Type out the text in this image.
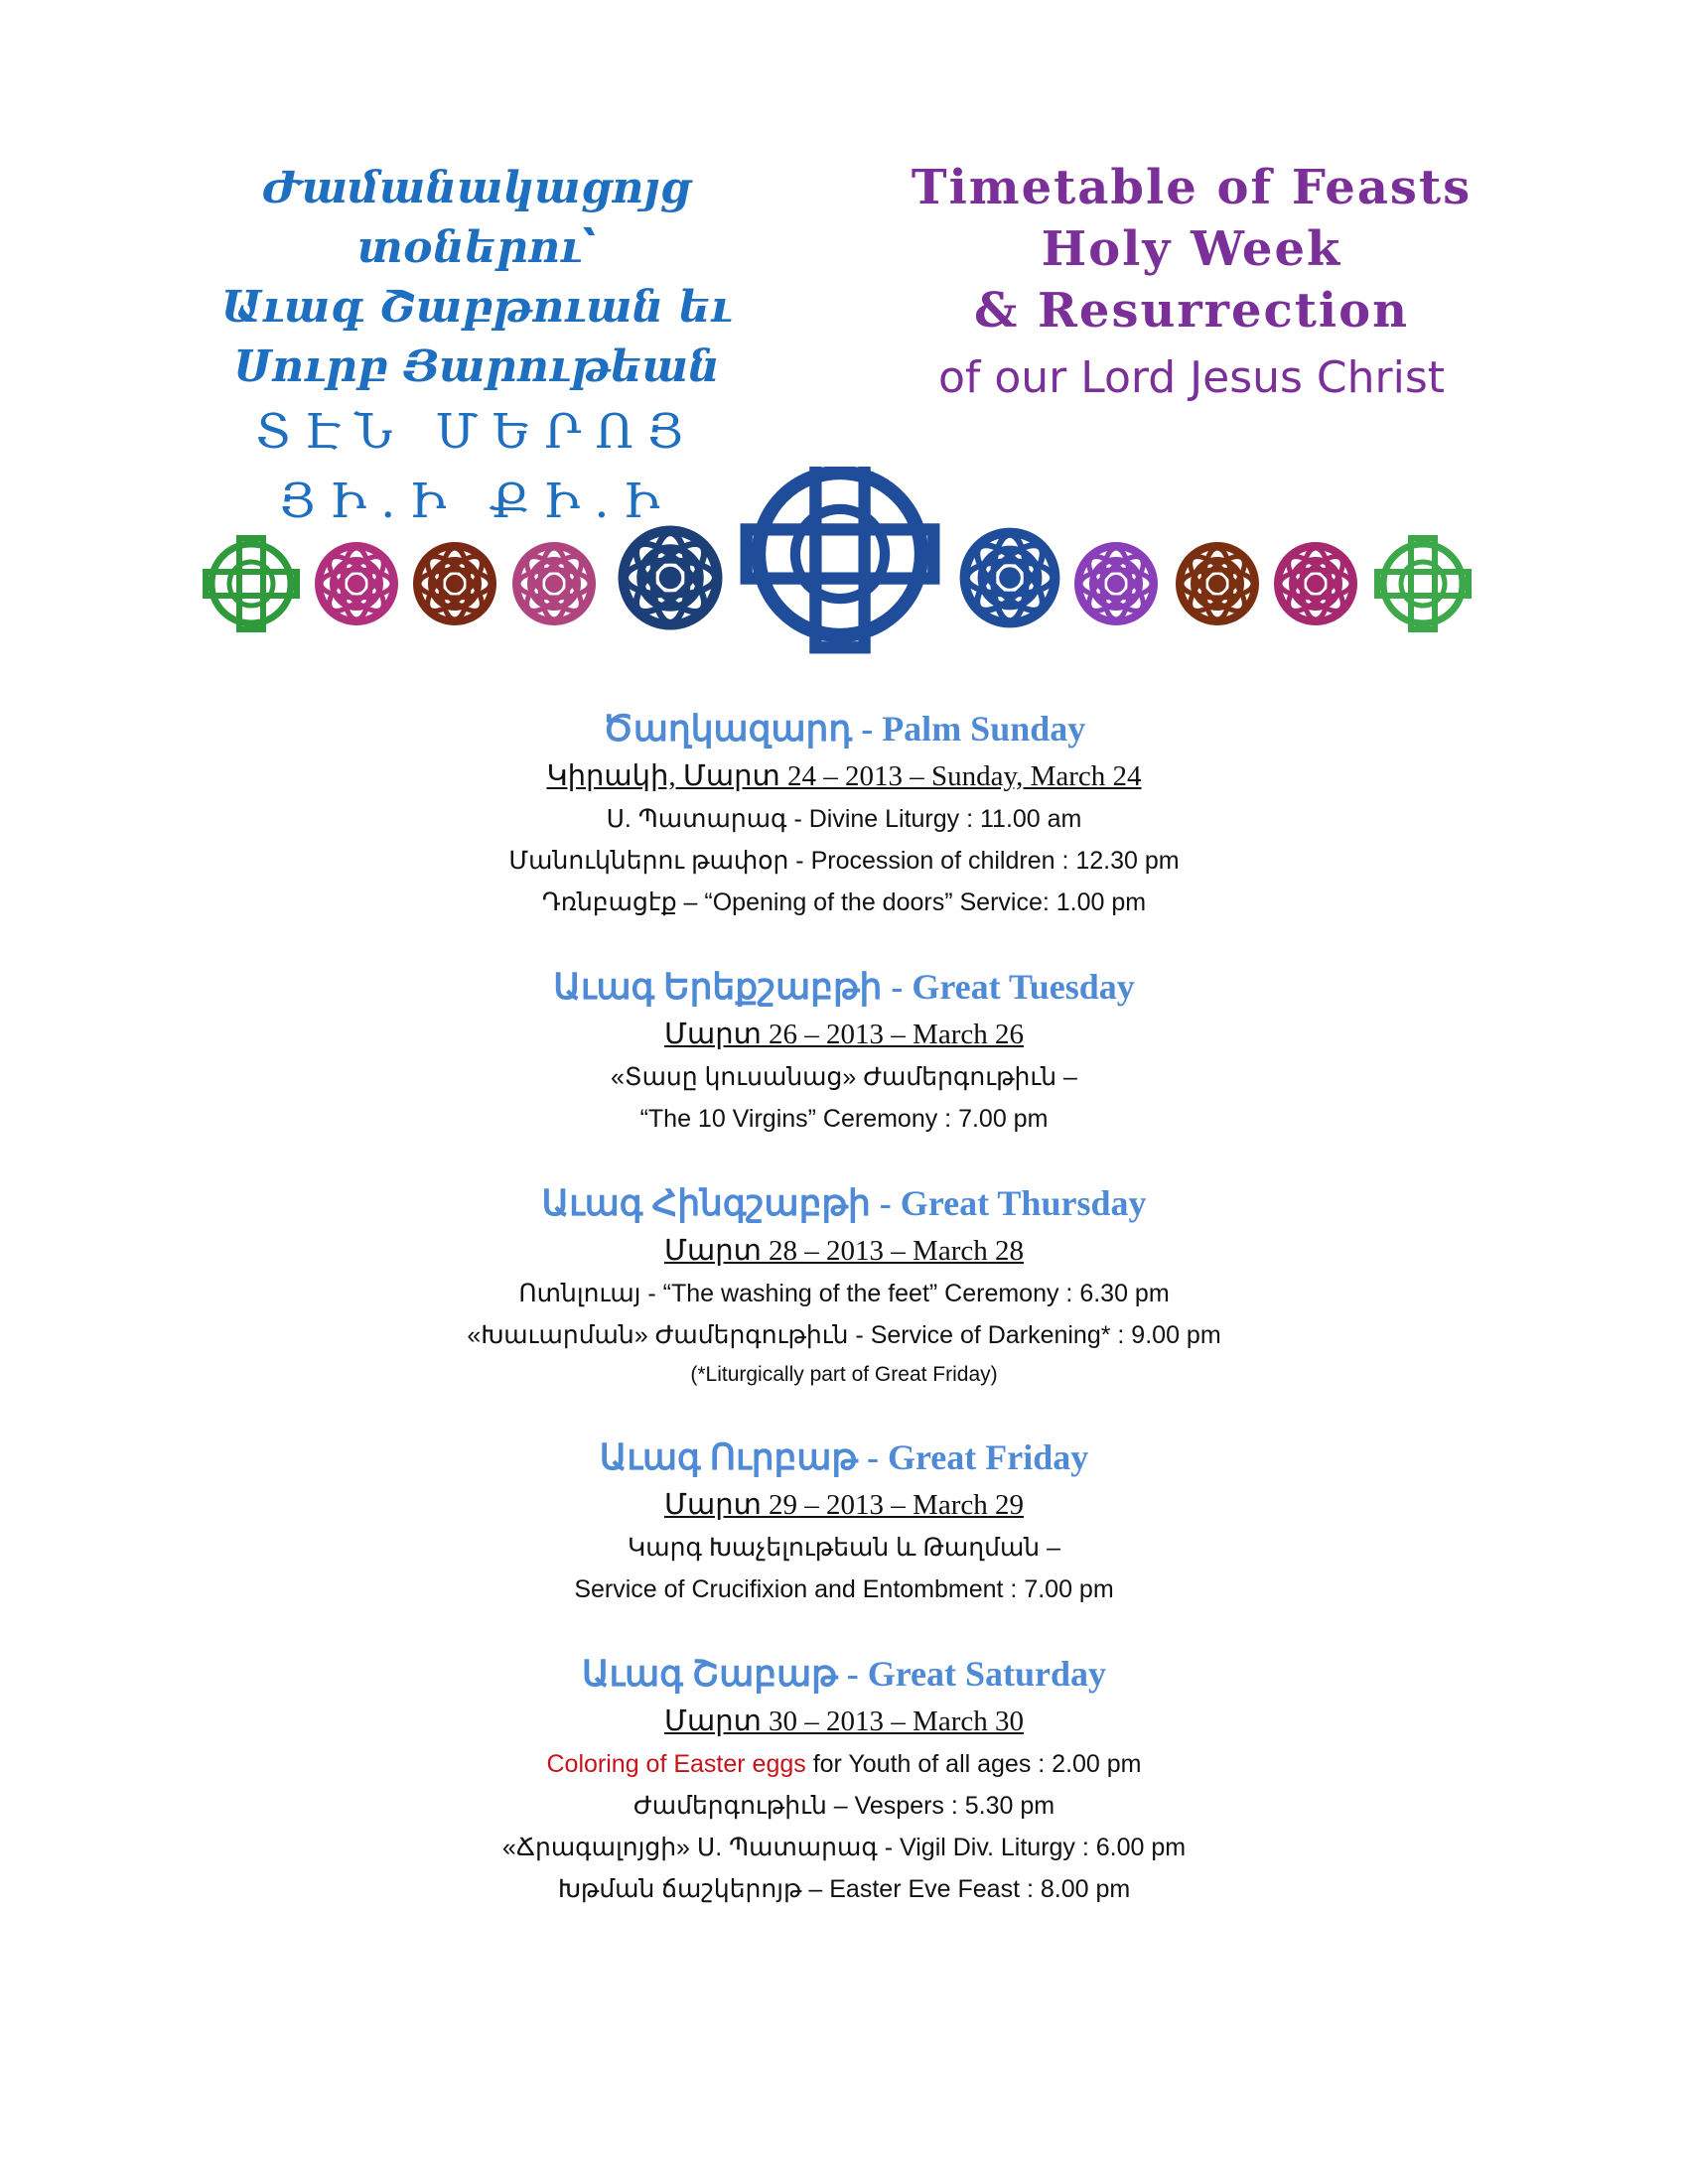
Ժամանակացոյց տօներու՝
Աւագ Շաբթուան եւ
Սուրբ Յարութեան
ՏԷՆ ՄԵՐՈՅ ՅԻ.Ի ՔԻ.Ի
Timetable of Feasts
Holy Week
& Resurrection
of our Lord Jesus Christ
Ծաղկազարդ - Palm Sunday
Կիրակի, Մարտ 24 – 2013 – Sunday, March 24
Ս. Պատարագ - Divine Liturgy : 11.00 am
Մանուկներու թափօր - Procession of children : 12.30 pm
Դռնբացէք – “Opening of the doors” Service: 1.00 pm
Աւագ Երեքշաբթի - Great Tuesday
Մարտ 26 – 2013 – March 26
«Տասը կուսանաց» Ժամերգութիւն –
“The 10 Virgins” Ceremony : 7.00 pm
Աւագ Հինգշաբթի - Great Thursday
Մարտ 28 – 2013 – March 28
Ոտնլուայ - “The washing of the feet” Ceremony : 6.30 pm
«Խաւարման» Ժամերգութիւն - Service of Darkening* : 9.00 pm
(*Liturgically part of Great Friday)
Աւագ Ուրբաթ - Great Friday
Մարտ 29 – 2013 – March 29
Կարգ Խաչելութեան և Թաղման –
Service of Crucifixion and Entombment : 7.00 pm
Աւագ Շաբաթ - Great Saturday
Մարտ 30 – 2013 – March 30
Coloring of Easter eggs for Youth of all ages : 2.00 pm
Ժամերգութիւն – Vespers : 5.30 pm
«Ճրագալոյցի» Ս. Պատարագ - Vigil Div. Liturgy : 6.00 pm
Խթման ճաշկերոյթ – Easter Eve Feast : 8.00 pm
